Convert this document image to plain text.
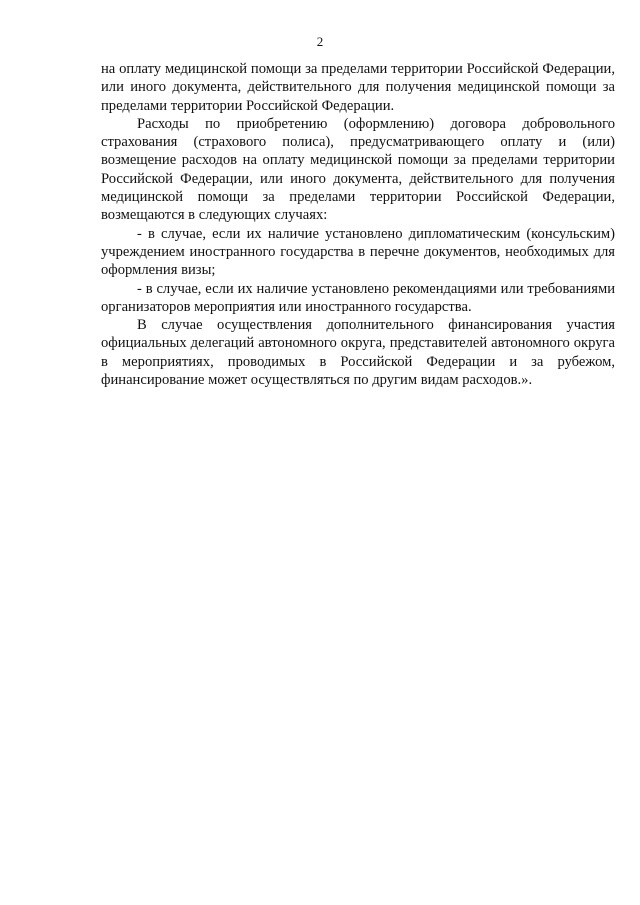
2

на оплату медицинской помощи за пределами территории Российской Федерации, или иного документа, действительного для получения медицинской помощи за пределами территории Российской Федерации.

Расходы по приобретению (оформлению) договора добровольного страхования (страхового полиса), предусматривающего оплату и (или) возмещение расходов на оплату медицинской помощи за пределами территории Российской Федерации, или иного документа, действительного для получения медицинской помощи за пределами территории Российской Федерации, возмещаются в следующих случаях:

- в случае, если их наличие установлено дипломатическим (консульским) учреждением иностранного государства в перечне документов, необходимых для оформления визы;

- в случае, если их наличие установлено рекомендациями или требованиями организаторов мероприятия или иностранного государства.

В случае осуществления дополнительного финансирования участия официальных делегаций автономного округа, представителей автономного округа в мероприятиях, проводимых в Российской Федерации и за рубежом, финансирование может осуществляться по другим видам расходов.».
